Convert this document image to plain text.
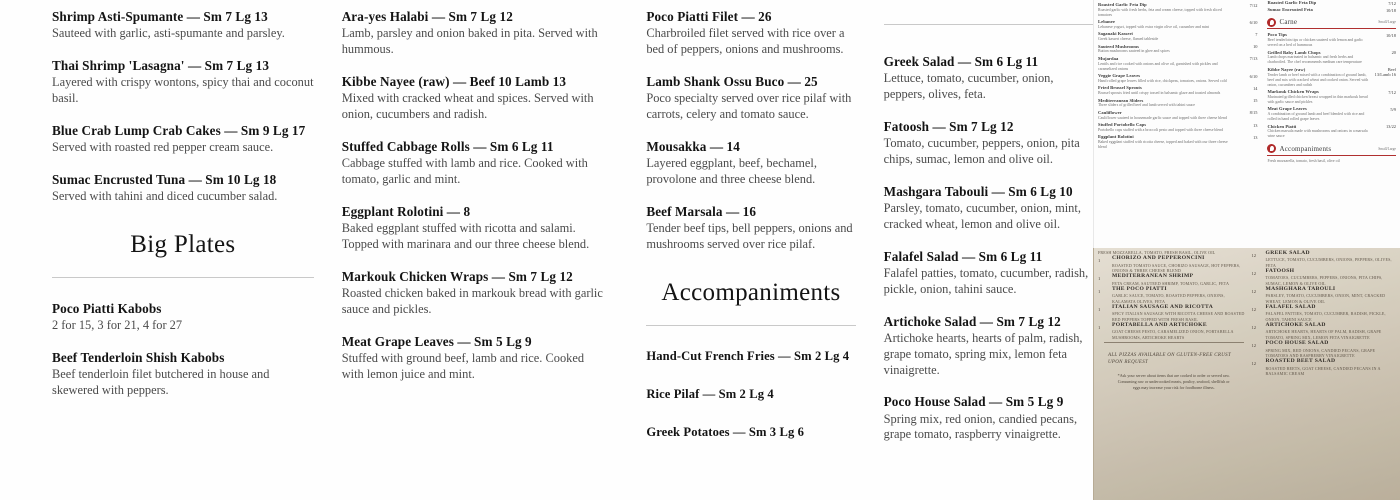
Shrimp Asti-Spumante — Sm 7 Lg 13
Sauteed with garlic, asti-spumante and parsley.
Thai Shrimp 'Lasagna' — Sm 7 Lg 13
Layered with crispy wontons, spicy thai and coconut basil.
Blue Crab Lump Crab Cakes — Sm 9 Lg 17
Served with roasted red pepper cream sauce.
Sumac Encrusted Tuna — Sm 10 Lg 18
Served with tahini and diced cucumber salad.
Big Plates
Poco Piatti Kabobs
2 for 15, 3 for 21, 4 for 27
Beef Tenderloin Shish Kabobs
Beef tenderloin filet butchered in house and skewered with peppers.
Ara-yes Halabi — Sm 7 Lg 12
Lamb, parsley and onion baked in pita. Served with hummous.
Kibbe Nayee (raw) — Beef 10 Lamb 13
Mixed with cracked wheat and spices. Served with onion, cucumbers and radish.
Stuffed Cabbage Rolls — Sm 6 Lg 11
Cabbage stuffed with lamb and rice. Cooked with tomato, garlic and mint.
Eggplant Rolotini — 8
Baked eggplant stuffed with ricotta and salami. Topped with marinara and our three cheese blend.
Markouk Chicken Wraps — Sm 7 Lg 12
Roasted chicken baked in markouk bread with garlic sauce and pickles.
Meat Grape Leaves — Sm 5 Lg 9
Stuffed with ground beef, lamb and rice. Cooked with lemon juice and mint.
Poco Piatti Filet — 26
Charbroiled filet served with rice over a bed of peppers, onions and mushrooms.
Lamb Shank Ossu Buco — 25
Poco specialty served over rice pilaf with carrots, celery and tomato sauce.
Mousakka — 14
Layered eggplant, beef, bechamel, provolone and three cheese blend.
Beef Marsala — 16
Tender beef tips, bell peppers, onions and mushrooms served over rice pilaf.
Accompaniments
Hand-Cut French Fries — Sm 2 Lg 4
Rice Pilaf — Sm 2 Lg 4
Greek Potatoes — Sm 3 Lg 6
Greek Salad — Sm 6 Lg 11
Lettuce, tomato, cucumber, onion, peppers, olives, feta.
Fatoosh — Sm 7 Lg 12
Tomato, cucumber, peppers, onion, pita chips, sumac, lemon and olive oil.
Mashgara Tabouli — Sm 6 Lg 10
Parsley, tomato, cucumber, onion, mint, cracked wheat, lemon and olive oil.
Falafel Salad — Sm 6 Lg 11
Falafel patties, tomato, cucumber, radish, pickle, onion, tahini sauce.
Artichoke Salad — Sm 7 Lg 12
Artichoke hearts, hearts of palm, radish, grape tomato, spring mix, lemon feta vinaigrette.
Poco House Salad — Sm 5 Lg 9
Spring mix, red onion, candied pecans, grape tomato, raspberry vinaigrette.
Roasted Garlic Feta Dip
Roasted garlic with fresh herbs, feta and cream cheese, topped with fresh sliced tomatoes
7/12
Lebanee
Lebanese yogurt, topped with extra virgin olive oil, cucumber and mint
6/10
Saganaki Kasseri
Greek kasseri cheese, flamed tableside
7
Sauteed Mushrooms
Button mushrooms sauteed in ghee and spices
10
Mujardaa
Lentils and rice cooked with onions and olive oil, garnished with pickles and caramelized onions
7/13
Veggie Grape Leaves
Hand rolled grape leaves filled with rice, chickpeas, tomatoes, onions. Served cold
6/10
Fried Brussel Sprouts
Brussel sprouts fried until crispy tossed in balsamic glaze and toasted almonds
14
Mediterranean Sliders
Three sliders of grilled beef and lamb served with tahini sauce
15
Cauliflower
Cauliflower sauteed in housemade garlic sauce and topped with three cheese blend
8/15
Stuffed Portobello Caps
Portobello caps stuffed with a broccoli pesto and topped with three cheese blend
13
Eggplant Rolotini
Baked eggplant stuffed with ricotta cheese, topped and baked with our three cheese blend
13
Roasted Garlic Feta Dip	7/12
Sumac Encrusted Feta	10/18
Carne	Small/Large
Poco Tips
Beef tenderloin tips or chicken sauteed with lemon and garlic served on a bed of hummous
10/18
Grilled Baby Lamb Chops
Lamb chops marinated in balsamic and fresh herbs and charbroiled. The chef recommends medium rare temperature
20
Kibbe Nayee (raw)
Tender lamb or beef mixed with a combination of ground lamb, beef and mix with cracked wheat and cooked onion. Served with onion, cucumbers and radish
Beef 13/Lamb 16
Markouk Chicken Wraps
Marinated grilled chicken breast wrapped in thin markouk bread with garlic sauce and pickles
7/12
Meat Grape Leaves
A combination of ground lamb and beef blended with rice and rolled in hand rolled grape leaves
5/9
Chicken Piatti
Chicken marsala made with mushrooms and onions in a marsala wine sauce
13/22
Accompaniments	Small/Large
Fresh mozzarella, tomato, fresh basil, olive oil
FRESH MOZZARELLA, TOMATO, FRESH BASIL, OLIVE OIL
1	CHORIZO AND PEPPERONCINI
ROASTED TOMATO SAUCE, CHORIZO SAUSAGE, HOT PEPPERS, ONIONS & THREE CHEESE BLEND
1	MEDITERRANEAN SHRIMP
FETA CREAM, SAUTEED SHRIMP, TOMATO, GARLIC, FETA
1	THE POCO PIATTI
GARLIC SAUCE, TOMATO, ROASTED PEPPERS, ONIONS, KALAMATA OLIVES, FETA
1	ITALIAN SAUSAGE AND RICOTTA
SPICY ITALIAN SAUSAGE WITH RICOTTA CHEESE AND ROASTED RED PEPPERS TOPPED WITH FRESH BASIL
1	PORTABELLA AND ARTICHOKE
GOAT CHEESE PESTO, CARAMELIZED ONION, PORTABELLA MUSHROOMS, ARTICHOKE HEARTS
ALL PIZZAS AVAILABLE ON GLUTEN-FREE CRUST UPON REQUEST
*Ask your server about items that are cooked to order or served raw. Consuming raw or undercooked meats, poultry, seafood, shellfish or eggs may increase your risk for foodborne illness.
12	GREEK SALAD
LETTUCE, TOMATO, CUCUMBERS, ONIONS, PEPPERS, OLIVES, FETA
12	FATOOSH
TOMATOES, CUCUMBERS, PEPPERS, ONIONS, PITA CHIPS, SUMAC, LEMON & OLIVE OIL
12	MASHGHARA TABOULI
PARSLEY, TOMATO, CUCUMBERS, ONION, MINT, CRACKED WHEAT, LEMON & OLIVE OIL
12	FALAFEL SALAD
FALAFEL PATTIES, TOMATO, CUCUMBER, RADISH, PICKLE, ONION, TAHINI SAUCE
12	ARTICHOKE SALAD
ARTICHOKE HEARTS, HEARTS OF PALM, RADISH, GRAPE TOMATO, SPRING MIX, LEMON FETA VINAIGRETTE
12	POCO HOUSE SALAD
SPRING MIX, RED ONIONS, CANDIED PECANS, GRAPE TOMATOES AND RASPBERRY VINAIGRETTE
12	ROASTED BEET SALAD
ROASTED BEETS, GOAT CHEESE, CANDIED PECANS IN A BALSAMIC CREAM
